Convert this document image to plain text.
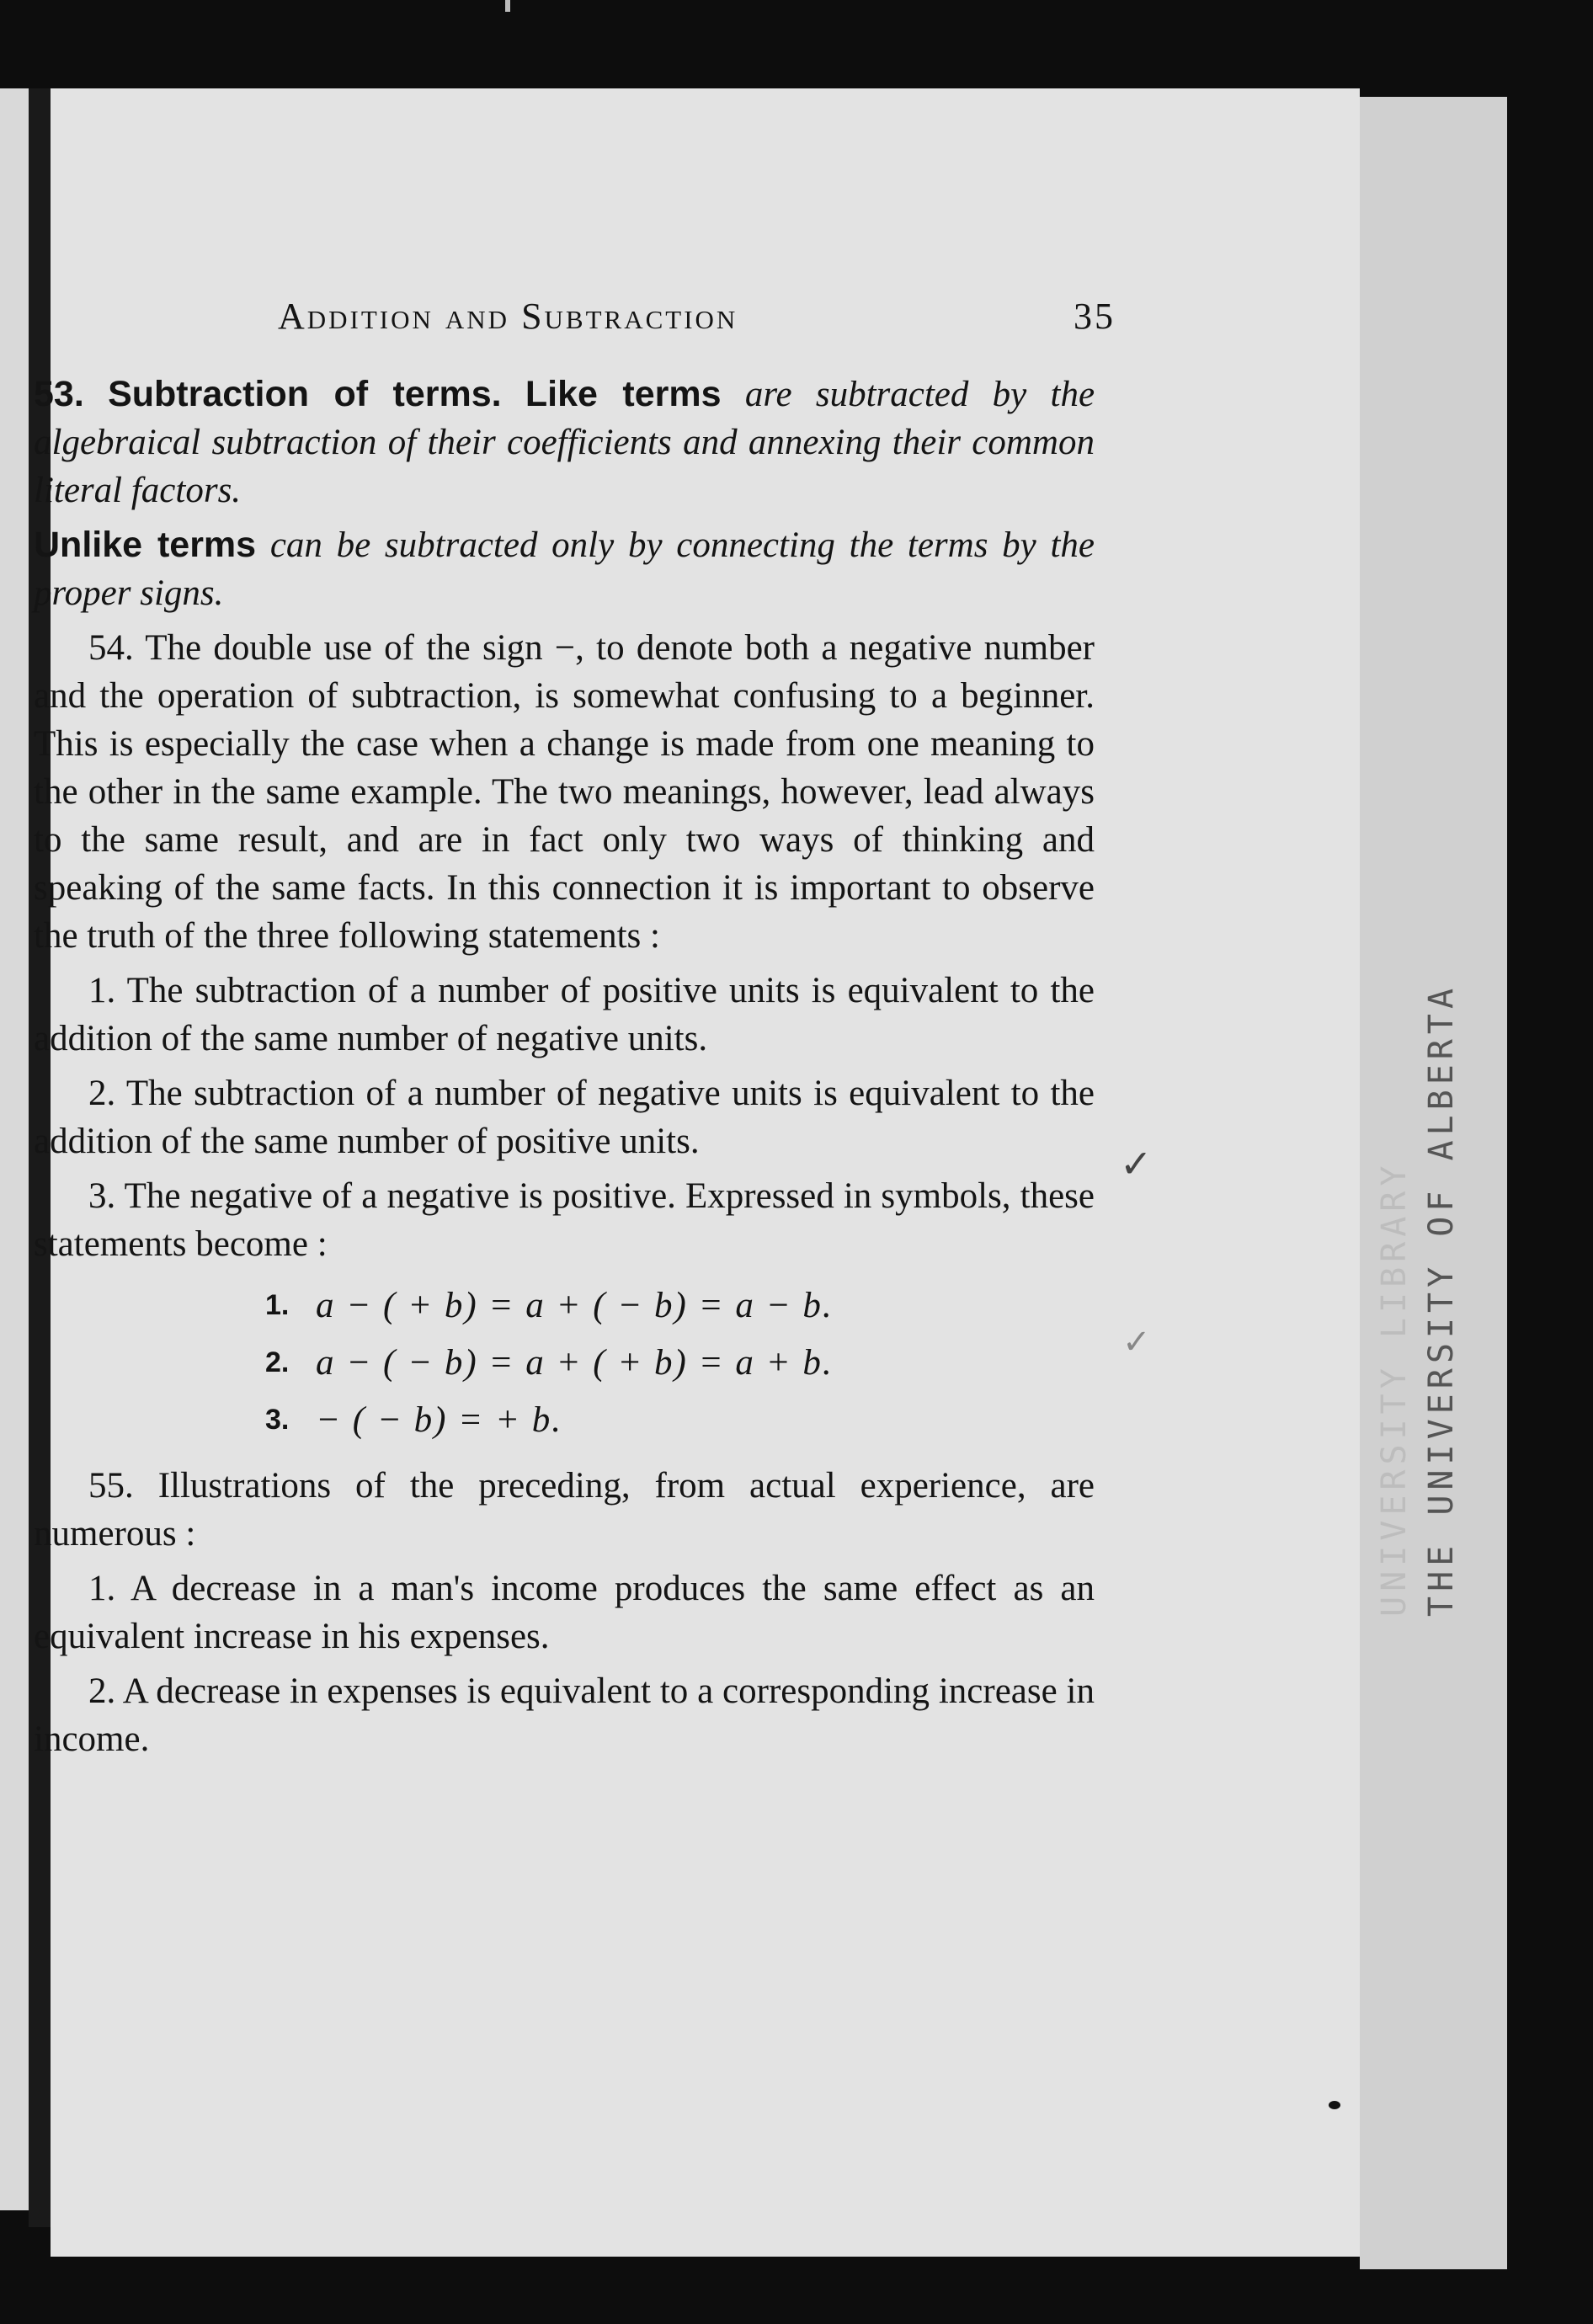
Addition and Subtraction	35

53. Subtraction of terms. Like terms are subtracted by the algebraical subtraction of their coefficients and annexing their common literal factors.

Unlike terms can be subtracted only by connecting the terms by the proper signs.

54. The double use of the sign −, to denote both a negative number and the operation of subtraction, is somewhat confusing to a beginner. This is especially the case when a change is made from one meaning to the other in the same example. The two meanings, however, lead always to the same result, and are in fact only two ways of thinking and speaking of the same facts. In this connection it is important to observe the truth of the three following statements :

1. The subtraction of a number of positive units is equivalent to the addition of the same number of negative units.

2. The subtraction of a number of negative units is equivalent to the addition of the same number of positive units.

3. The negative of a negative is positive. Expressed in symbols, these statements become :

1. a − ( + b) = a + ( − b) = a − b.
2. a − ( − b) = a + ( + b) = a + b.
3. − ( − b) = + b.

55. Illustrations of the preceding, from actual experience, are numerous :

1. A decrease in a man's income produces the same effect as an equivalent increase in his expenses.

2. A decrease in expenses is equivalent to a corresponding increase in income.

✓
✓	UNIVERSITY LIBRARY THE UNIVERSITY OF ALBERTA
